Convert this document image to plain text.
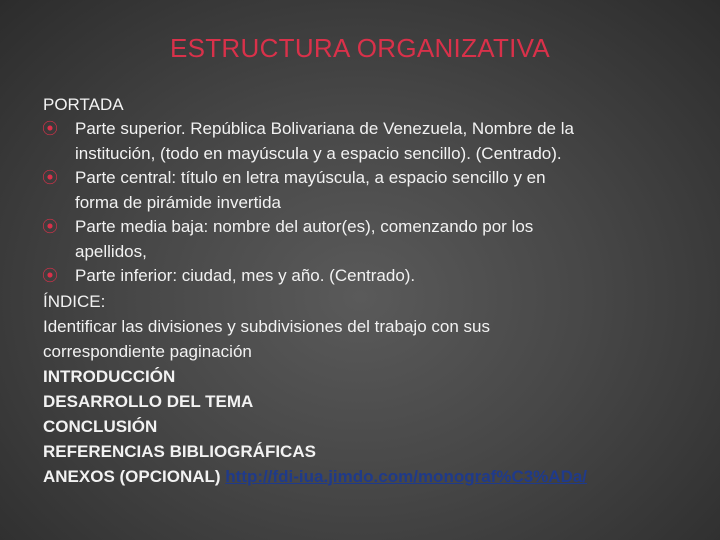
ESTRUCTURA ORGANIZATIVA
PORTADA
⦿ Parte superior. República Bolivariana de Venezuela, Nombre de la
institución, (todo en mayúscula y a espacio sencillo). (Centrado).
⦿ Parte central: título en letra mayúscula, a espacio sencillo y en
forma de pirámide invertida
⦿ Parte media baja: nombre del autor(es), comenzando por los
apellidos,
⦿ Parte inferior: ciudad, mes y año. (Centrado).
ÍNDICE:
Identificar las divisiones y subdivisiones del trabajo con sus
correspondiente paginación
INTRODUCCIÓN
DESARROLLO DEL TEMA
CONCLUSIÓN
REFERENCIAS BIBLIOGRÁFICAS
ANEXOS (OPCIONAL) http://fdi-iua.jimdo.com/monograf%C3%ADa/
